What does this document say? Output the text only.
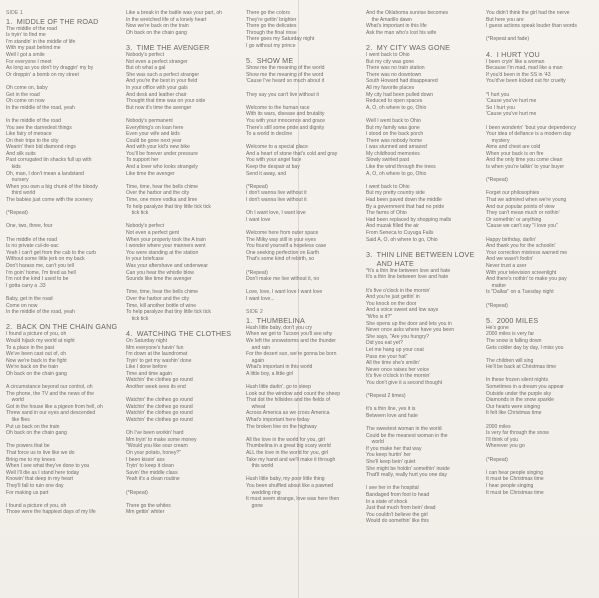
SIDE 1

1.  MIDDLE OF THE ROAD

The middle of the road

Is tryin' to find me

I'm standin' in the middle of life

With my past behind me

Well I got a smile

For everyone I meet

As long as you don't try draggin' my by

Or droppin' a bomb on my street

Oh come on, baby

Get in the road

Oh come on now

In the middle of the road, yeah

In the middle of the road

You see the darnedest things

Like fairy of menace

On their trips to the city

Wearin' their bid diamond rings

And silk suits

Past corrugated tin shacks full up with

kids

Oh, man, I don't mean a landstand

nursery

When you own a big chunk of the bloody

third world

The babies just come with the scenery

(*Repeat)

One, two, three, four

The middle of the road

Is no private cul-de-sac

Yeah I can't get from the cab to the curb

Without some little jerk on my back

Don't harass me, can't you tell

I'm goin' home, I'm tired as hell

I'm not the kind I used to be

I gotta carry a .33

Baby, get in the road

Come on now

In the middle of the road, yeah

2.  BACK ON THE CHAIN GANG

I found a picture of you, oh

Would hijack my world at night

To a place in the past

We've been cast out of, oh

Now we're back in the fight

We're back on the train

Oh back on the chain gang

A circumstance beyond our control, oh

The phone, the TV and the news of the

world

Got in the house like a pigeon from hell, oh

Threw sand in our eyes and descended

like flies

Put us back on the train

Oh back on the chain gang

The powers that be

That force us to live like we do

Bring me to my knees

When I see what they've done to you

Well I'll die as I stand here today

Knowin' that deep in my heart

They'll fall to ruin one day

For making us part

I found a picture of you, oh

Those were the happiest days of my life

Like a break in the battle was your part, oh

In the wretched life of a lonely heart

Now we're back on the train

Oh back on the chain gang

3.  TIME THE AVENGER

Nobody's perfect

Not even a perfect stranger

But oh what a gal

She was such a perfect stranger

And you're the best in your field

In your office with your gals

And desk and leather chair

Thought that time was on your side

But now it's time the avenger

Nobody's permanent

Everything's on loan here

Even your wife and kids

Could be gone next year

And with your kid's new bike

You'll be forever under pressure

To support her

And a lover who looks strangely

Like time the avenger

Time, time, hear the bells chime

Over the harbor and the city

Time, one more vodka and lime

To help paralyze that tiny little tick tick

tick tick

Nobody's perfect

Not even a perfect gent

When your property took the A train

I wonder where your manners went

You were standing at the station

In your briefcase

Was your aftershave and underwear

Can you hear the whistle blow

Sounds like time the avenger

Time, time, hear the bells chime

Over the harbor and the city

Time, kill another bottle of wine

To help paralyze that tiny little tick tick

tick tick

4.  WATCHING THE CLOTHES

On Saturday night

Mm everyone's havin' fun

I'm down at the laundromat

Tryin' to get my washin' done

Like I done before

Time and time again

Watchin' the clothes go round

Another week sees its end

Watchin' the clothes go round

Watchin' the clothes go round

Watchin' the clothes go round

Watchin' the clothes go round

Oh I've been workin' hard

Mm tryin' to make some money

"Would you like sour cream

On your potato, honey?"

I been kissin' ass

Tryin' to keep it clean

Savin' the middle class

Yeah it's a clean routine

(*Repeat)

There go the whites

Mm gettin' whiter

There go the colors

They're gettin' brighter

There go the delicates

Through the final rinse

There goes my Saturday night

I go without my prince

5.  SHOW ME

Show me the meaning of the world

Show me the meaning of the word

'Cause I've heard so much about it

They say you can't live without it

Welcome to the human race

With its wars, disease and brutality

You with your innocence and grace

There's still some pride and dignity

To a world in decline

Welcome to a special place

And a heart of stone that's cold and gray

You with your angel face

Keep the despair at bay

Send it away, and

(*Repeat)

I don't wanna live without it

I don't wanna live without it

Oh I want love, I want love

I want love

Welcome here from outer space

The Milky way still in your eyes

You found yourself a hopeless case

One seeking perfection on Earth

That's some kind of rebirth, so

(*Repeat)

Don't make me live without it, no

Love, love, I want love I want love

I want love...

SIDE 2

1.  THUMBELINA

Hush little baby, don't you cry

When we get to Tucson you'll see why

We left the snowstorms and the thunder

and rain

For the desert sun, we're gonna be born

again

What's important in this world

A little boy, a little girl

Hush little darlin', go to sleep

Look out the window and count the sheep

That dot the hillsides and the fields of

wheat

Across America as we cross America

What's important here today

The broken line on the highway

All the love in the world for you, girl

Thumbelina in a great big scary world

ALL the love in the world for you, girl

Take my hand and we'll make it through

this world

Hush little baby, my poor little thing

You been shuffled about like a pawned

wedding ring

It must seem strange, love was here then

gone

And the Oklahoma sunrise becomes

the Amarillo dawn

What's important in this life

Ask the man who's lost his wife

2.  MY CITY WAS GONE

I went back to Ohio

But my city was gone

There was no train station

There was no downtown

South Howard had disappeared

All my favorite places

My city had been pulled down

Reduced to open spaces

A, O, oh where to go, Ohio

Well I went back to Ohio

But my family was gone

I stood on the back porch

There was nobody home

I was stunned and amazed

My childhood memories

Slowly swirled past

Like the wind through the trees

A, O, oh where to go, Ohio

I went back to Ohio

But my pretty country side

Had been paved down the middle

By a government that had no pride

The farms of Ohio

Had been replaced by shopping malls

And muzak filled the air

From Seneca to Cuyuga Falls

Said A, O, oh where to go, Ohio

3.  THIN LINE BETWEEN LOVE

AND HATE

*It's a thin line between love and hate

It's a thin line between love and hate

It's five o'clock in the mornin'

And you're just gettin' in

You knock on the door

And a voice sweet and low says

"Who is it?"

She opens up the door and lets you in

Never once asks where have you been

She says, "Are you hungry?

Did you eat yet?

Let me hang up your coat

Pass me your hat"

All the time she's smilin'

Never once raises her voice

It's five o'clock in the mornin'

You don't give it a second thought

(*Repeat 2 times)

It's a thin line, yes it is

Between love and hate

The sweetest woman in the world

Could be the meanest woman in the

world

If you make her that way

You keep hurtin' her

She'll keep bein' quiet

She might be holdin' somethin' inside

That'll really, really hurt you one day

I see her in the hospital

Bandaged from foot to head

In a state of shock

Just that much from bein' dead

You couldn't believe the girl

Would do somethin' like this

You didn't think the girl had the nerve

But here you are

I guess actions speak louder than words

(*Repeat and fade)

4.  I HURT YOU

I been cryin' like a woman

Because I'm mad, mad like a man

If you'd been in the SS in '43

You'd've been kicked out for cruelty

*I hurt you

'Cause you've hurt me

So I hurt you

'Cause you've hurt me

I been wonderin' 'bout your dependency

Your idea of defiance is a modern day

mystery

Aims and chest are cold

When your back is on fire

And the only time you come clean

Is when you're talkin' to your buyer

(*Repeat)

Forget our philosophies

That we admired when we're young

And our popular points of view

They can't mean much or nothin'

Or somethin' or anything

'Cause we can't say "I love you"

Happy birthday, darlin'

And thank you for the schoolin'

Your correction mistress warned me

And we wasn't foolin'

Never trust a user

With your television screenlight

And there's nothin' to make you pay

matter

Is "Dallas" on a Tuesday night

(*Repeat)

5.  2000 MILES

He's gone

2000 miles is very far

The snow is falling down

Gets colder day by day, I miss you

The children will sing

He'll be back at Christmas time

In these frozen silent nights

Sometimes in a dream you appear

Outside under the purple sky

Diamonds in the snow sparkle

Our hearts were singing

It felt like Christmas time

2000 miles

Is very far through the snow

I'll think of you

Wherever you go

(*Repeat)

I can hear people singing

It must be Christmas time

I hear people singing

It must be Christmas time
